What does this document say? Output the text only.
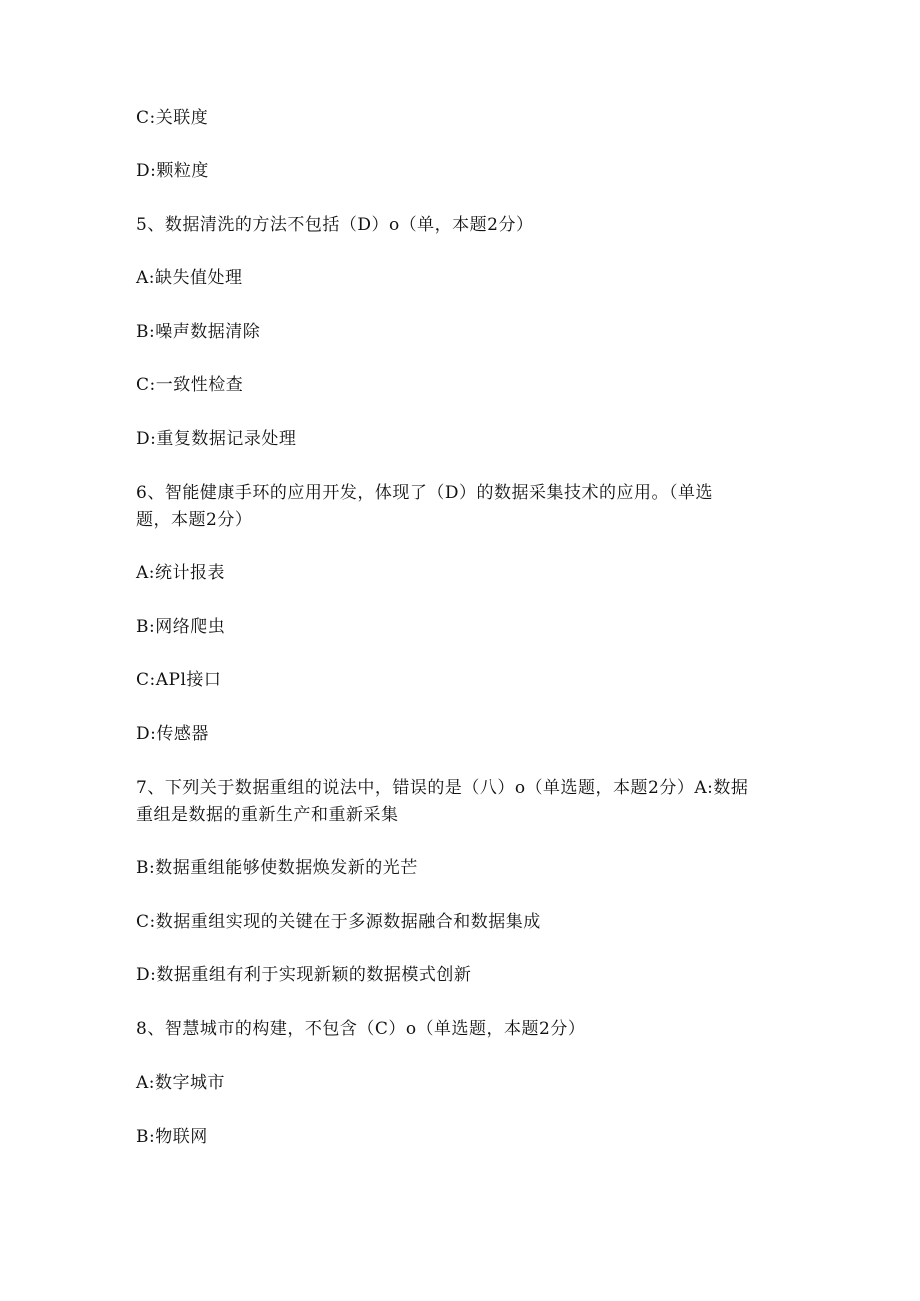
C:关联度
D:颗粒度
5、数据清洗的方法不包括（D）o（单，本题2分）
A:缺失值处理
B:噪声数据清除
C:一致性检查
D:重复数据记录处理
6、智能健康手环的应用开发，体现了（D）的数据采集技术的应用。（单选
题，本题2分）
A:统计报表
B:网络爬虫
C:APl接口
D:传感器
7、下列关于数据重组的说法中，错误的是（八）o（单选题，本题2分）A:数据
重组是数据的重新生产和重新采集
B:数据重组能够使数据焕发新的光芒
C:数据重组实现的关键在于多源数据融合和数据集成
D:数据重组有利于实现新颖的数据模式创新
8、智慧城市的构建，不包含（C）o（单选题，本题2分）
A:数字城市
B:物联网
